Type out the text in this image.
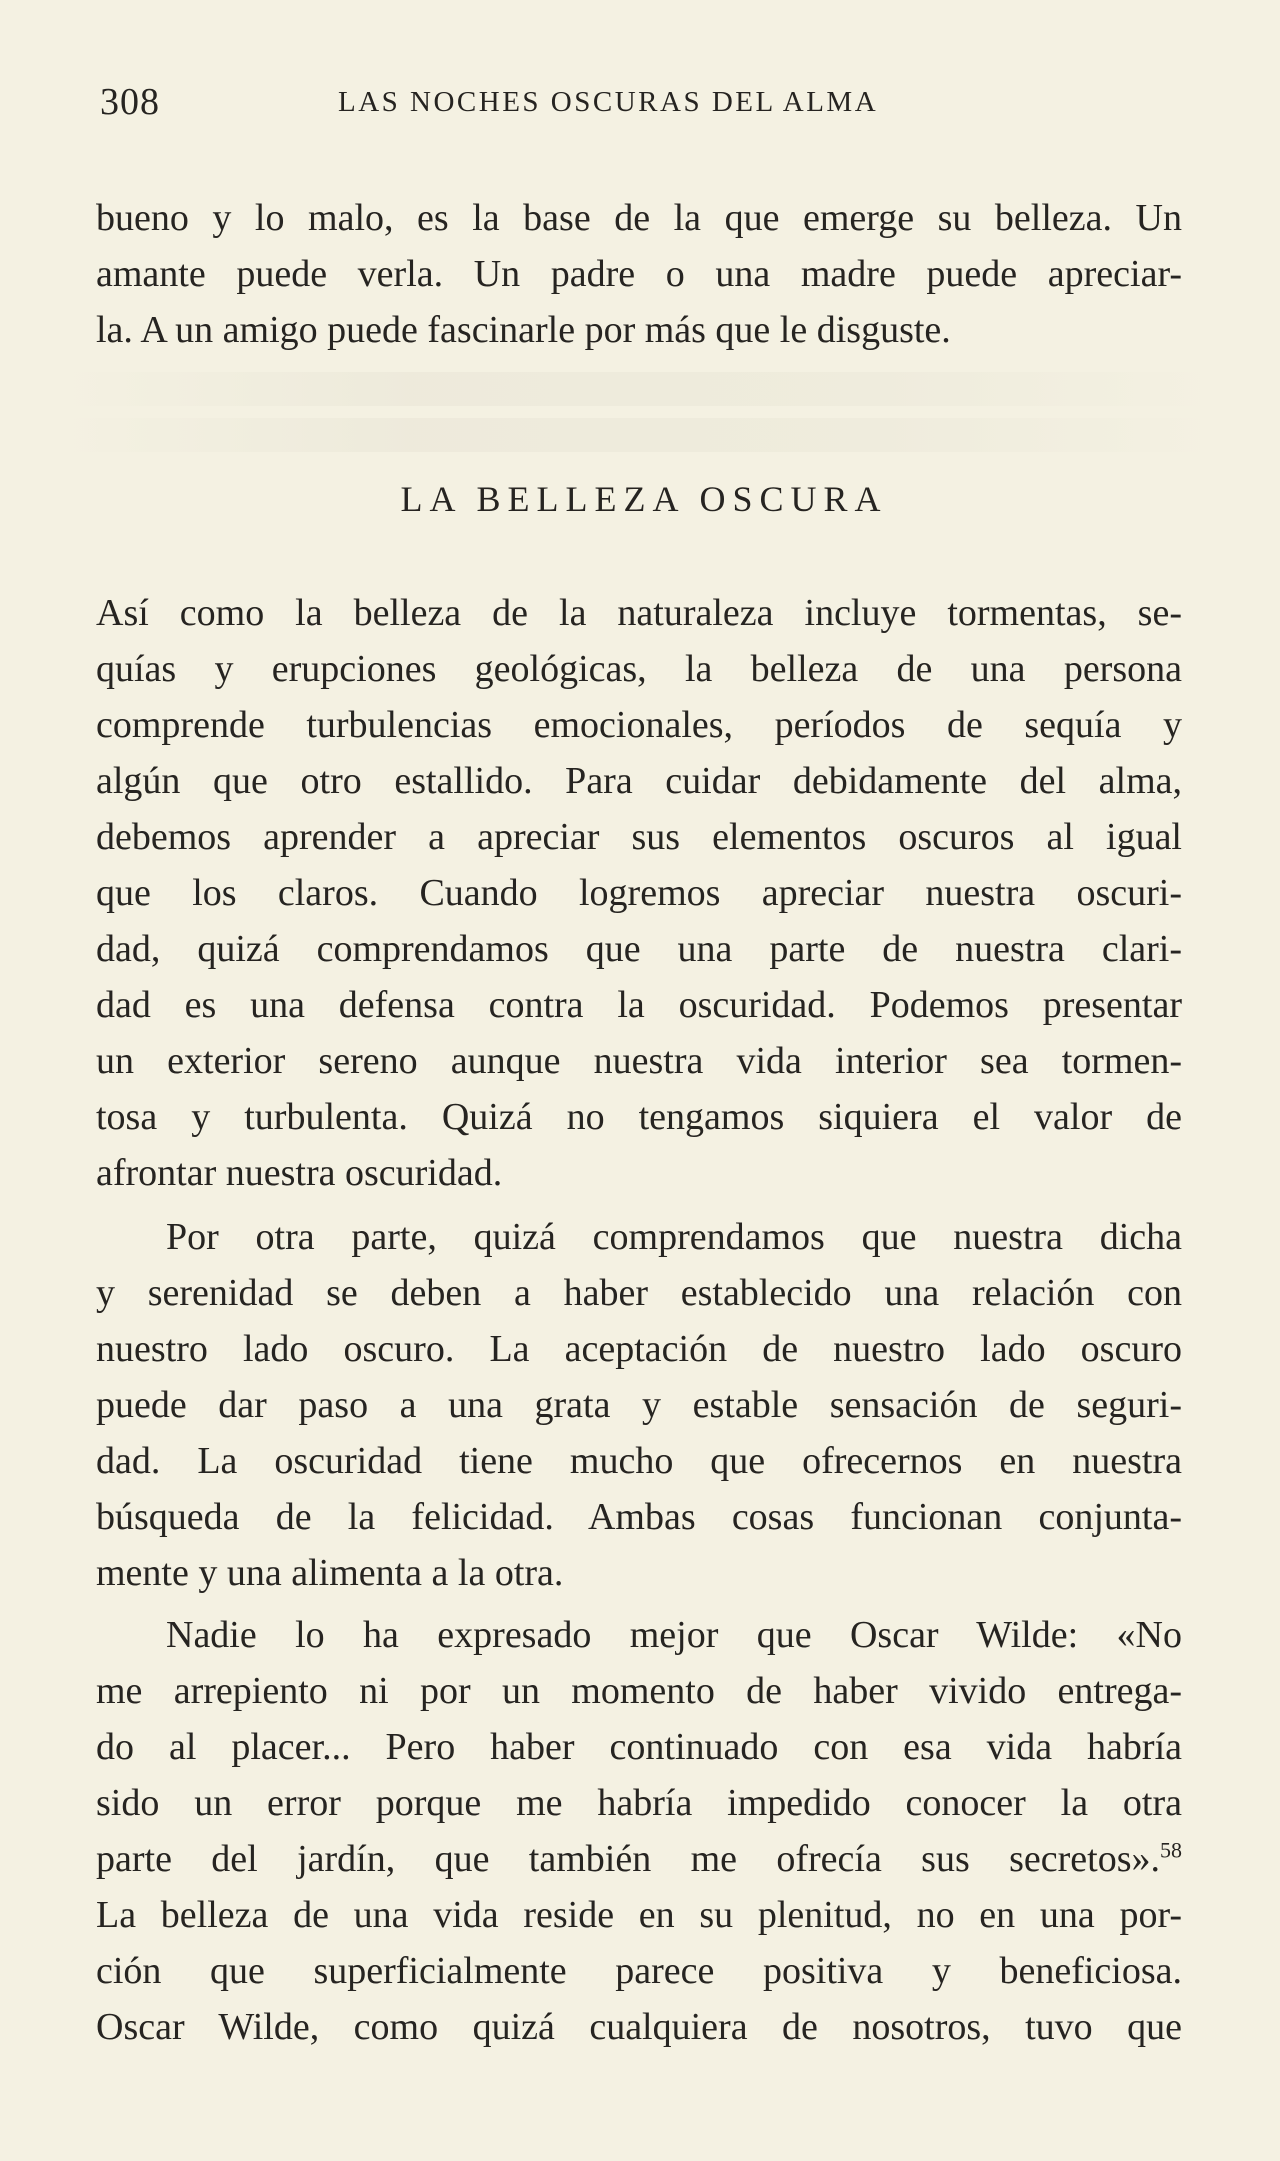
308	LAS NOCHES OSCURAS DEL ALMA
bueno y lo malo, es la base de la que emerge su belleza. Un
amante puede verla. Un padre o una madre puede apreciar-
la. A un amigo puede fascinarle por más que le disguste.
LA BELLEZA OSCURA
Así como la belleza de la naturaleza incluye tormentas, se-
quías y erupciones geológicas, la belleza de una persona
comprende turbulencias emocionales, períodos de sequía y
algún que otro estallido. Para cuidar debidamente del alma,
debemos aprender a apreciar sus elementos oscuros al igual
que los claros. Cuando logremos apreciar nuestra oscuri-
dad, quizá comprendamos que una parte de nuestra clari-
dad es una defensa contra la oscuridad. Podemos presentar
un exterior sereno aunque nuestra vida interior sea tormen-
tosa y turbulenta. Quizá no tengamos siquiera el valor de
afrontar nuestra oscuridad.
Por otra parte, quizá comprendamos que nuestra dicha
y serenidad se deben a haber establecido una relación con
nuestro lado oscuro. La aceptación de nuestro lado oscuro
puede dar paso a una grata y estable sensación de seguri-
dad. La oscuridad tiene mucho que ofrecernos en nuestra
búsqueda de la felicidad. Ambas cosas funcionan conjunta-
mente y una alimenta a la otra.
Nadie lo ha expresado mejor que Oscar Wilde: «No
me arrepiento ni por un momento de haber vivido entrega-
do al placer... Pero haber continuado con esa vida habría
sido un error porque me habría impedido conocer la otra
parte del jardín, que también me ofrecía sus secretos».$^{58}$
La belleza de una vida reside en su plenitud, no en una por-
ción que superficialmente parece positiva y beneficiosa.
Oscar Wilde, como quizá cualquiera de nosotros, tuvo que
